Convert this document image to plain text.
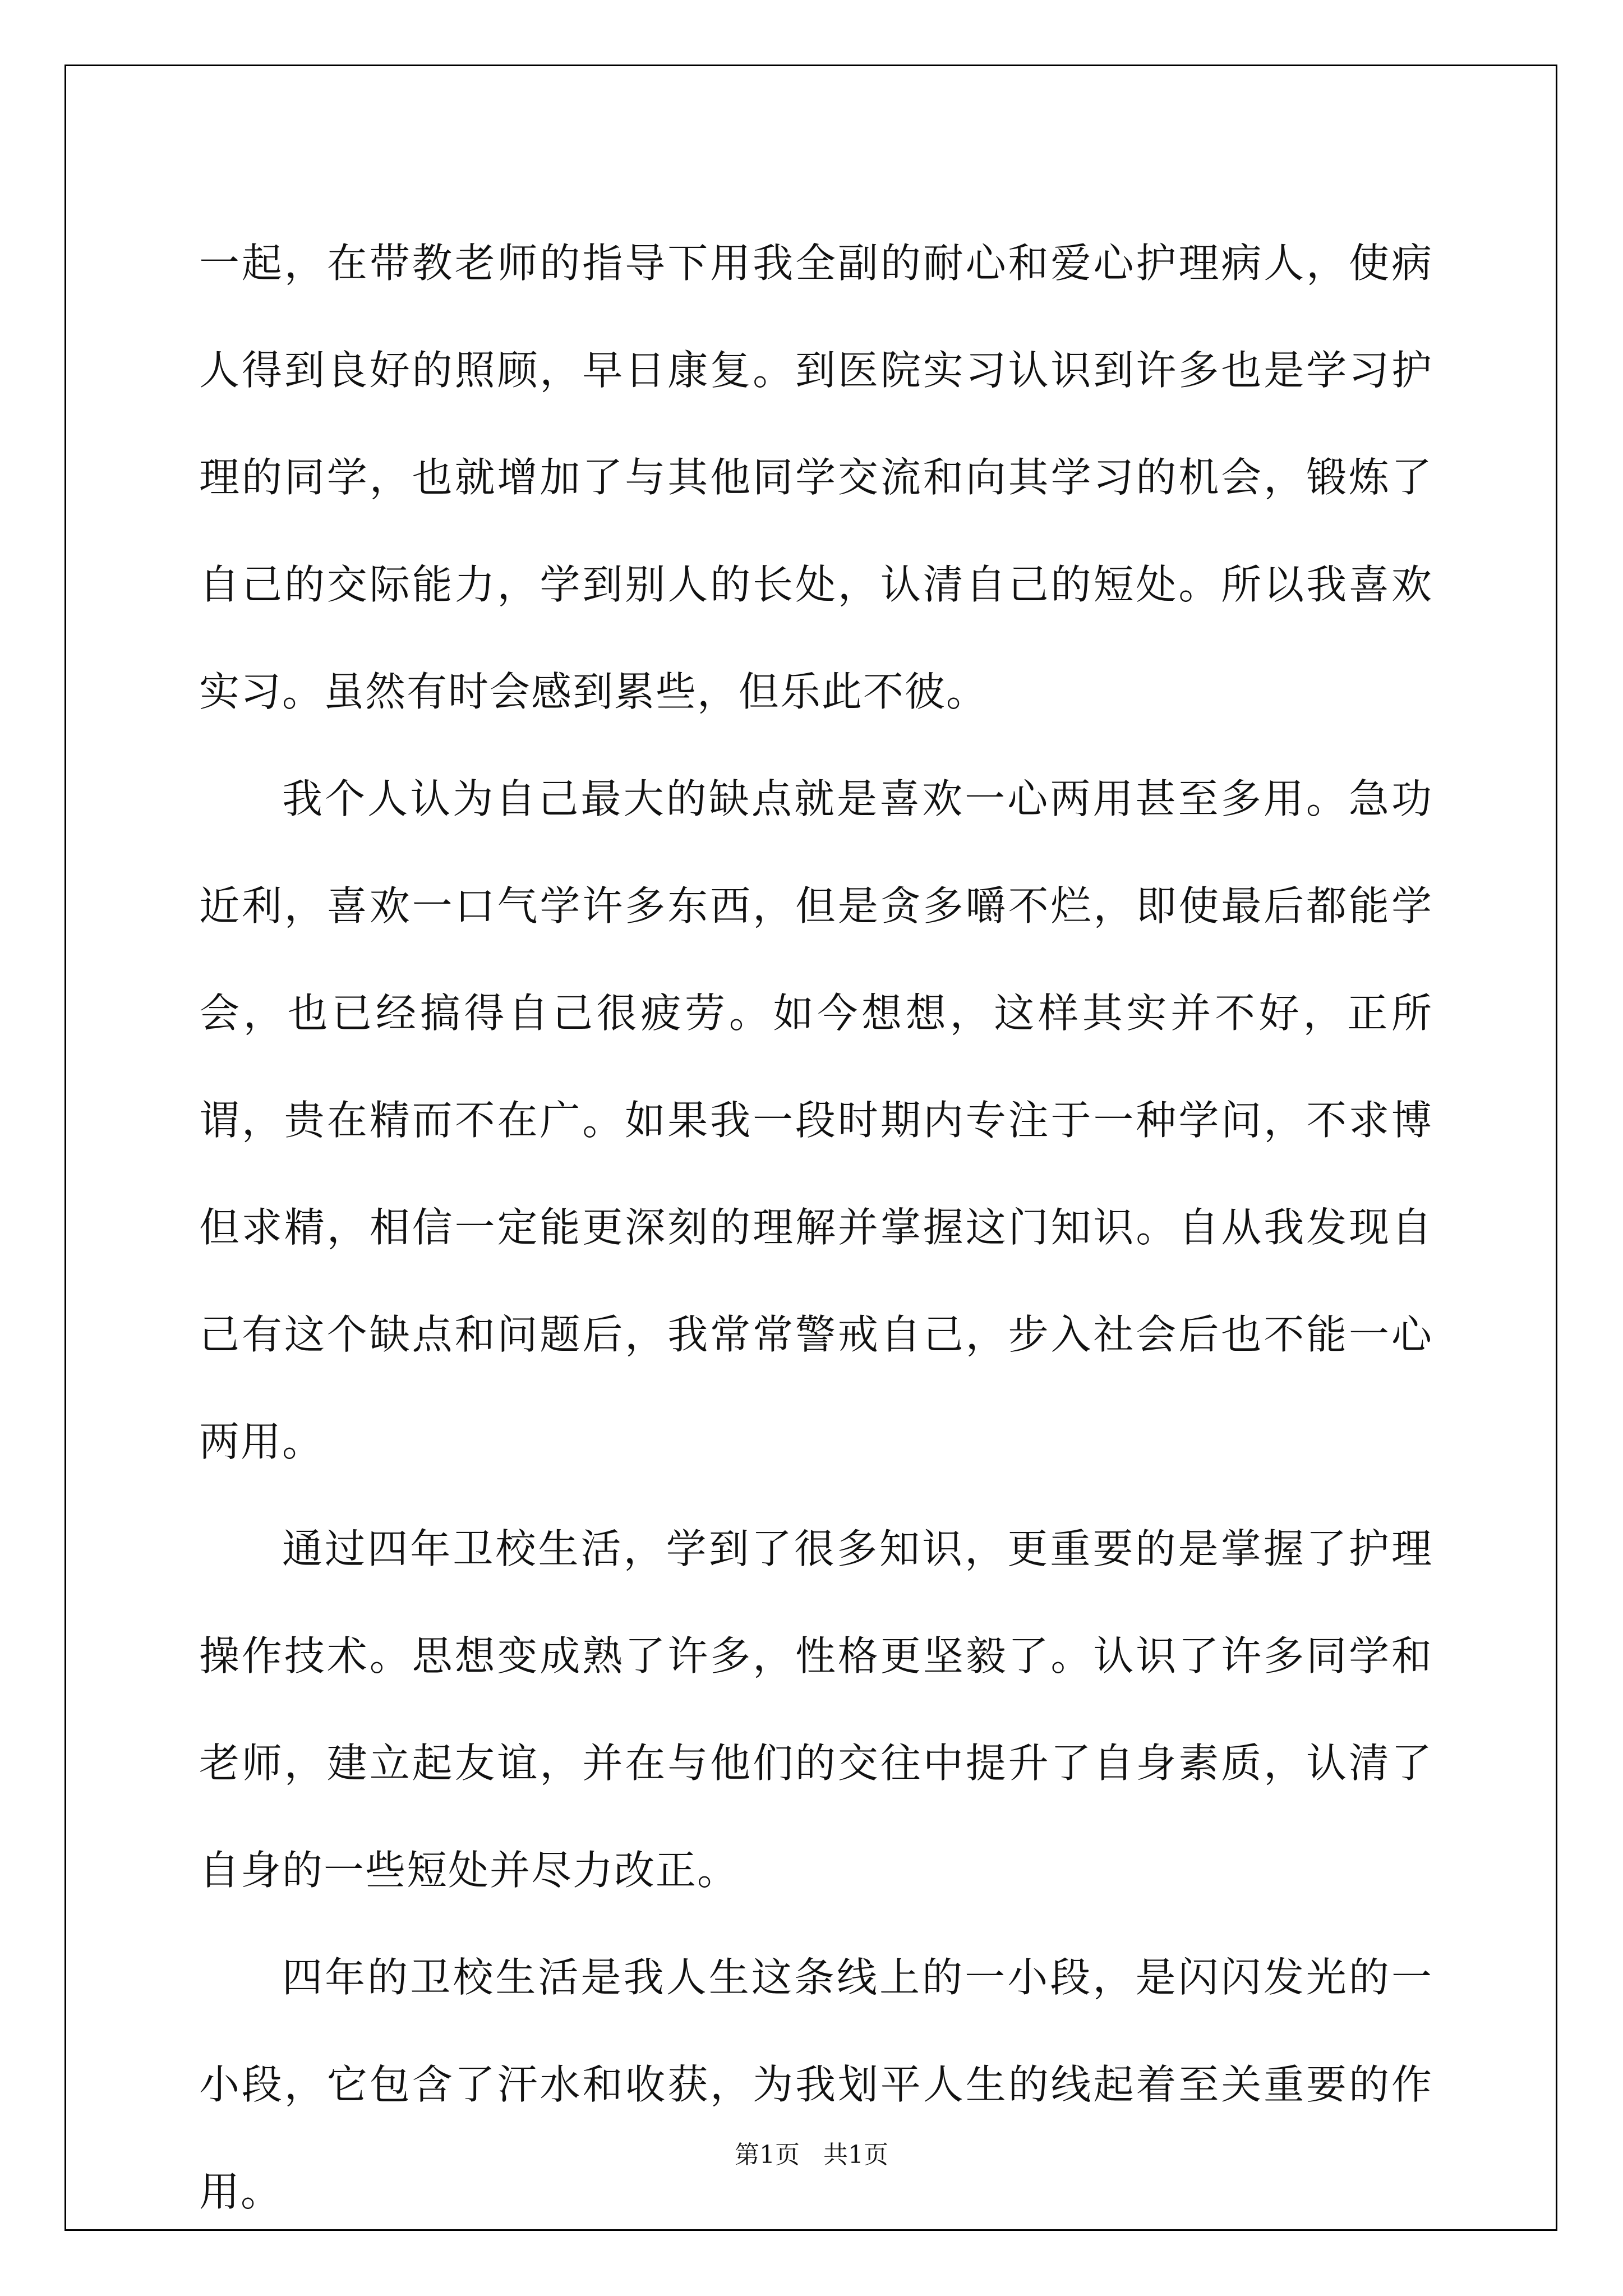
一起，在带教老师的指导下用我全副的耐心和爱心护理病人，使病人得到良好的照顾，早日康复。到医院实习认识到许多也是学习护理的同学，也就增加了与其他同学交流和向其学习的机会，锻炼了自己的交际能力，学到别人的长处，认清自己的短处。所以我喜欢实习。虽然有时会感到累些，但乐此不彼。

我个人认为自己最大的缺点就是喜欢一心两用甚至多用。急功近利，喜欢一口气学许多东西，但是贪多嚼不烂，即使最后都能学会，也已经搞得自己很疲劳。如今想想，这样其实并不好，正所谓，贵在精而不在广。如果我一段时期内专注于一种学问，不求博但求精，相信一定能更深刻的理解并掌握这门知识。自从我发现自己有这个缺点和问题后，我常常警戒自己，步入社会后也不能一心两用。

通过四年卫校生活，学到了很多知识，更重要的是掌握了护理操作技术。思想变成熟了许多，性格更坚毅了。认识了许多同学和老师，建立起友谊，并在与他们的交往中提升了自身素质，认清了自身的一些短处并尽力改正。

四年的卫校生活是我人生这条线上的一小段，是闪闪发光的一小段，它包含了汗水和收获，为我划平人生的线起着至关重要的作用。

第1页   共1页
